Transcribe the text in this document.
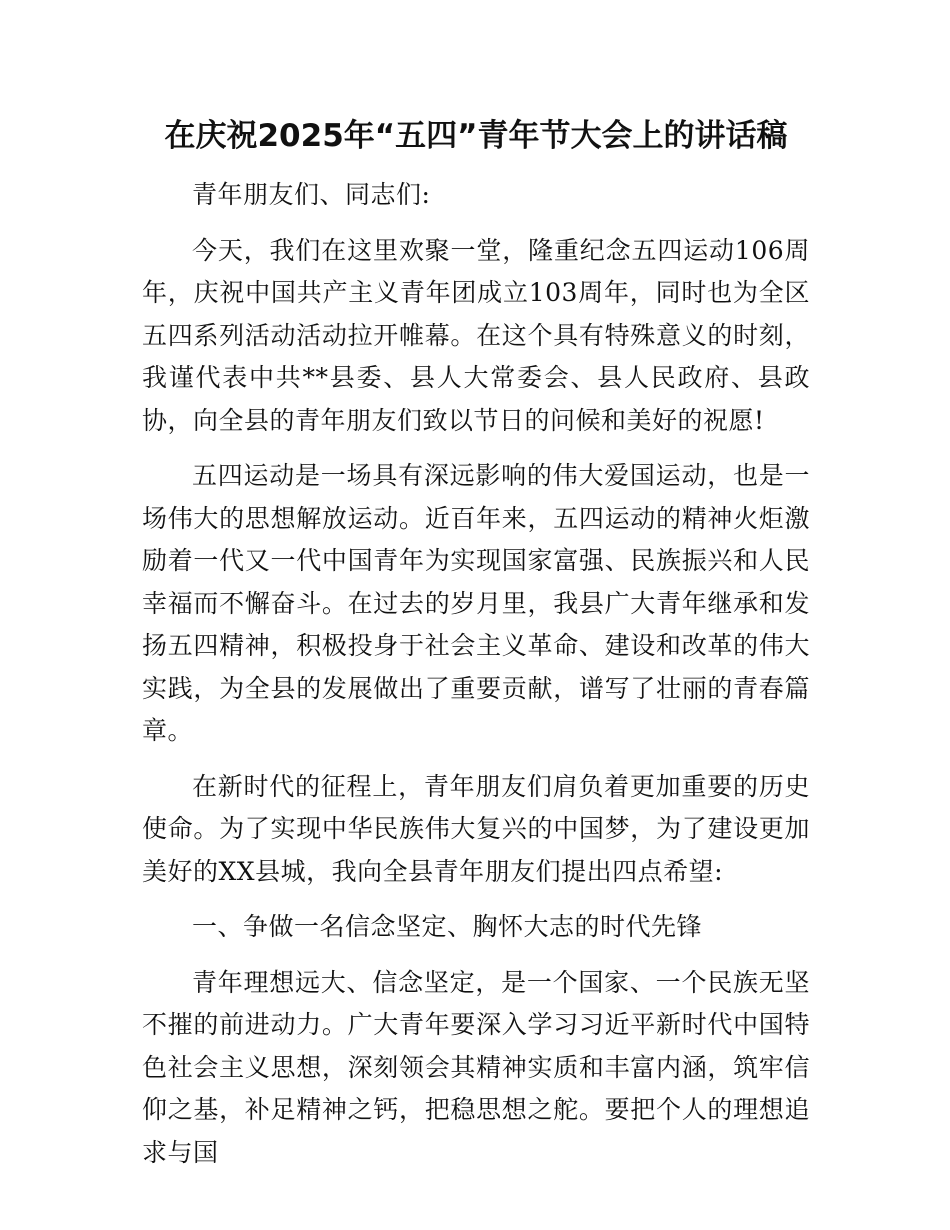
在庆祝2025年“五四”青年节大会上的讲话稿

青年朋友们、同志们:

今天，我们在这里欢聚一堂，隆重纪念五四运动106周年，庆祝中国共产主义青年团成立103周年，同时也为全区五四系列活动活动拉开帷幕。在这个具有特殊意义的时刻，我谨代表中共**县委、县人大常委会、县人民政府、县政协，向全县的青年朋友们致以节日的问候和美好的祝愿!

五四运动是一场具有深远影响的伟大爱国运动，也是一场伟大的思想解放运动。近百年来，五四运动的精神火炬激励着一代又一代中国青年为实现国家富强、民族振兴和人民幸福而不懈奋斗。在过去的岁月里，我县广大青年继承和发扬五四精神，积极投身于社会主义革命、建设和改革的伟大实践，为全县的发展做出了重要贡献，谱写了壮丽的青春篇章。

在新时代的征程上，青年朋友们肩负着更加重要的历史使命。为了实现中华民族伟大复兴的中国梦，为了建设更加美好的XX县城，我向全县青年朋友们提出四点希望:

一、争做一名信念坚定、胸怀大志的时代先锋

青年理想远大、信念坚定，是一个国家、一个民族无坚不摧的前进动力。广大青年要深入学习习近平新时代中国特色社会主义思想，深刻领会其精神实质和丰富内涵，筑牢信仰之基，补足精神之钙，把稳思想之舵。要把个人的理想追求与国
